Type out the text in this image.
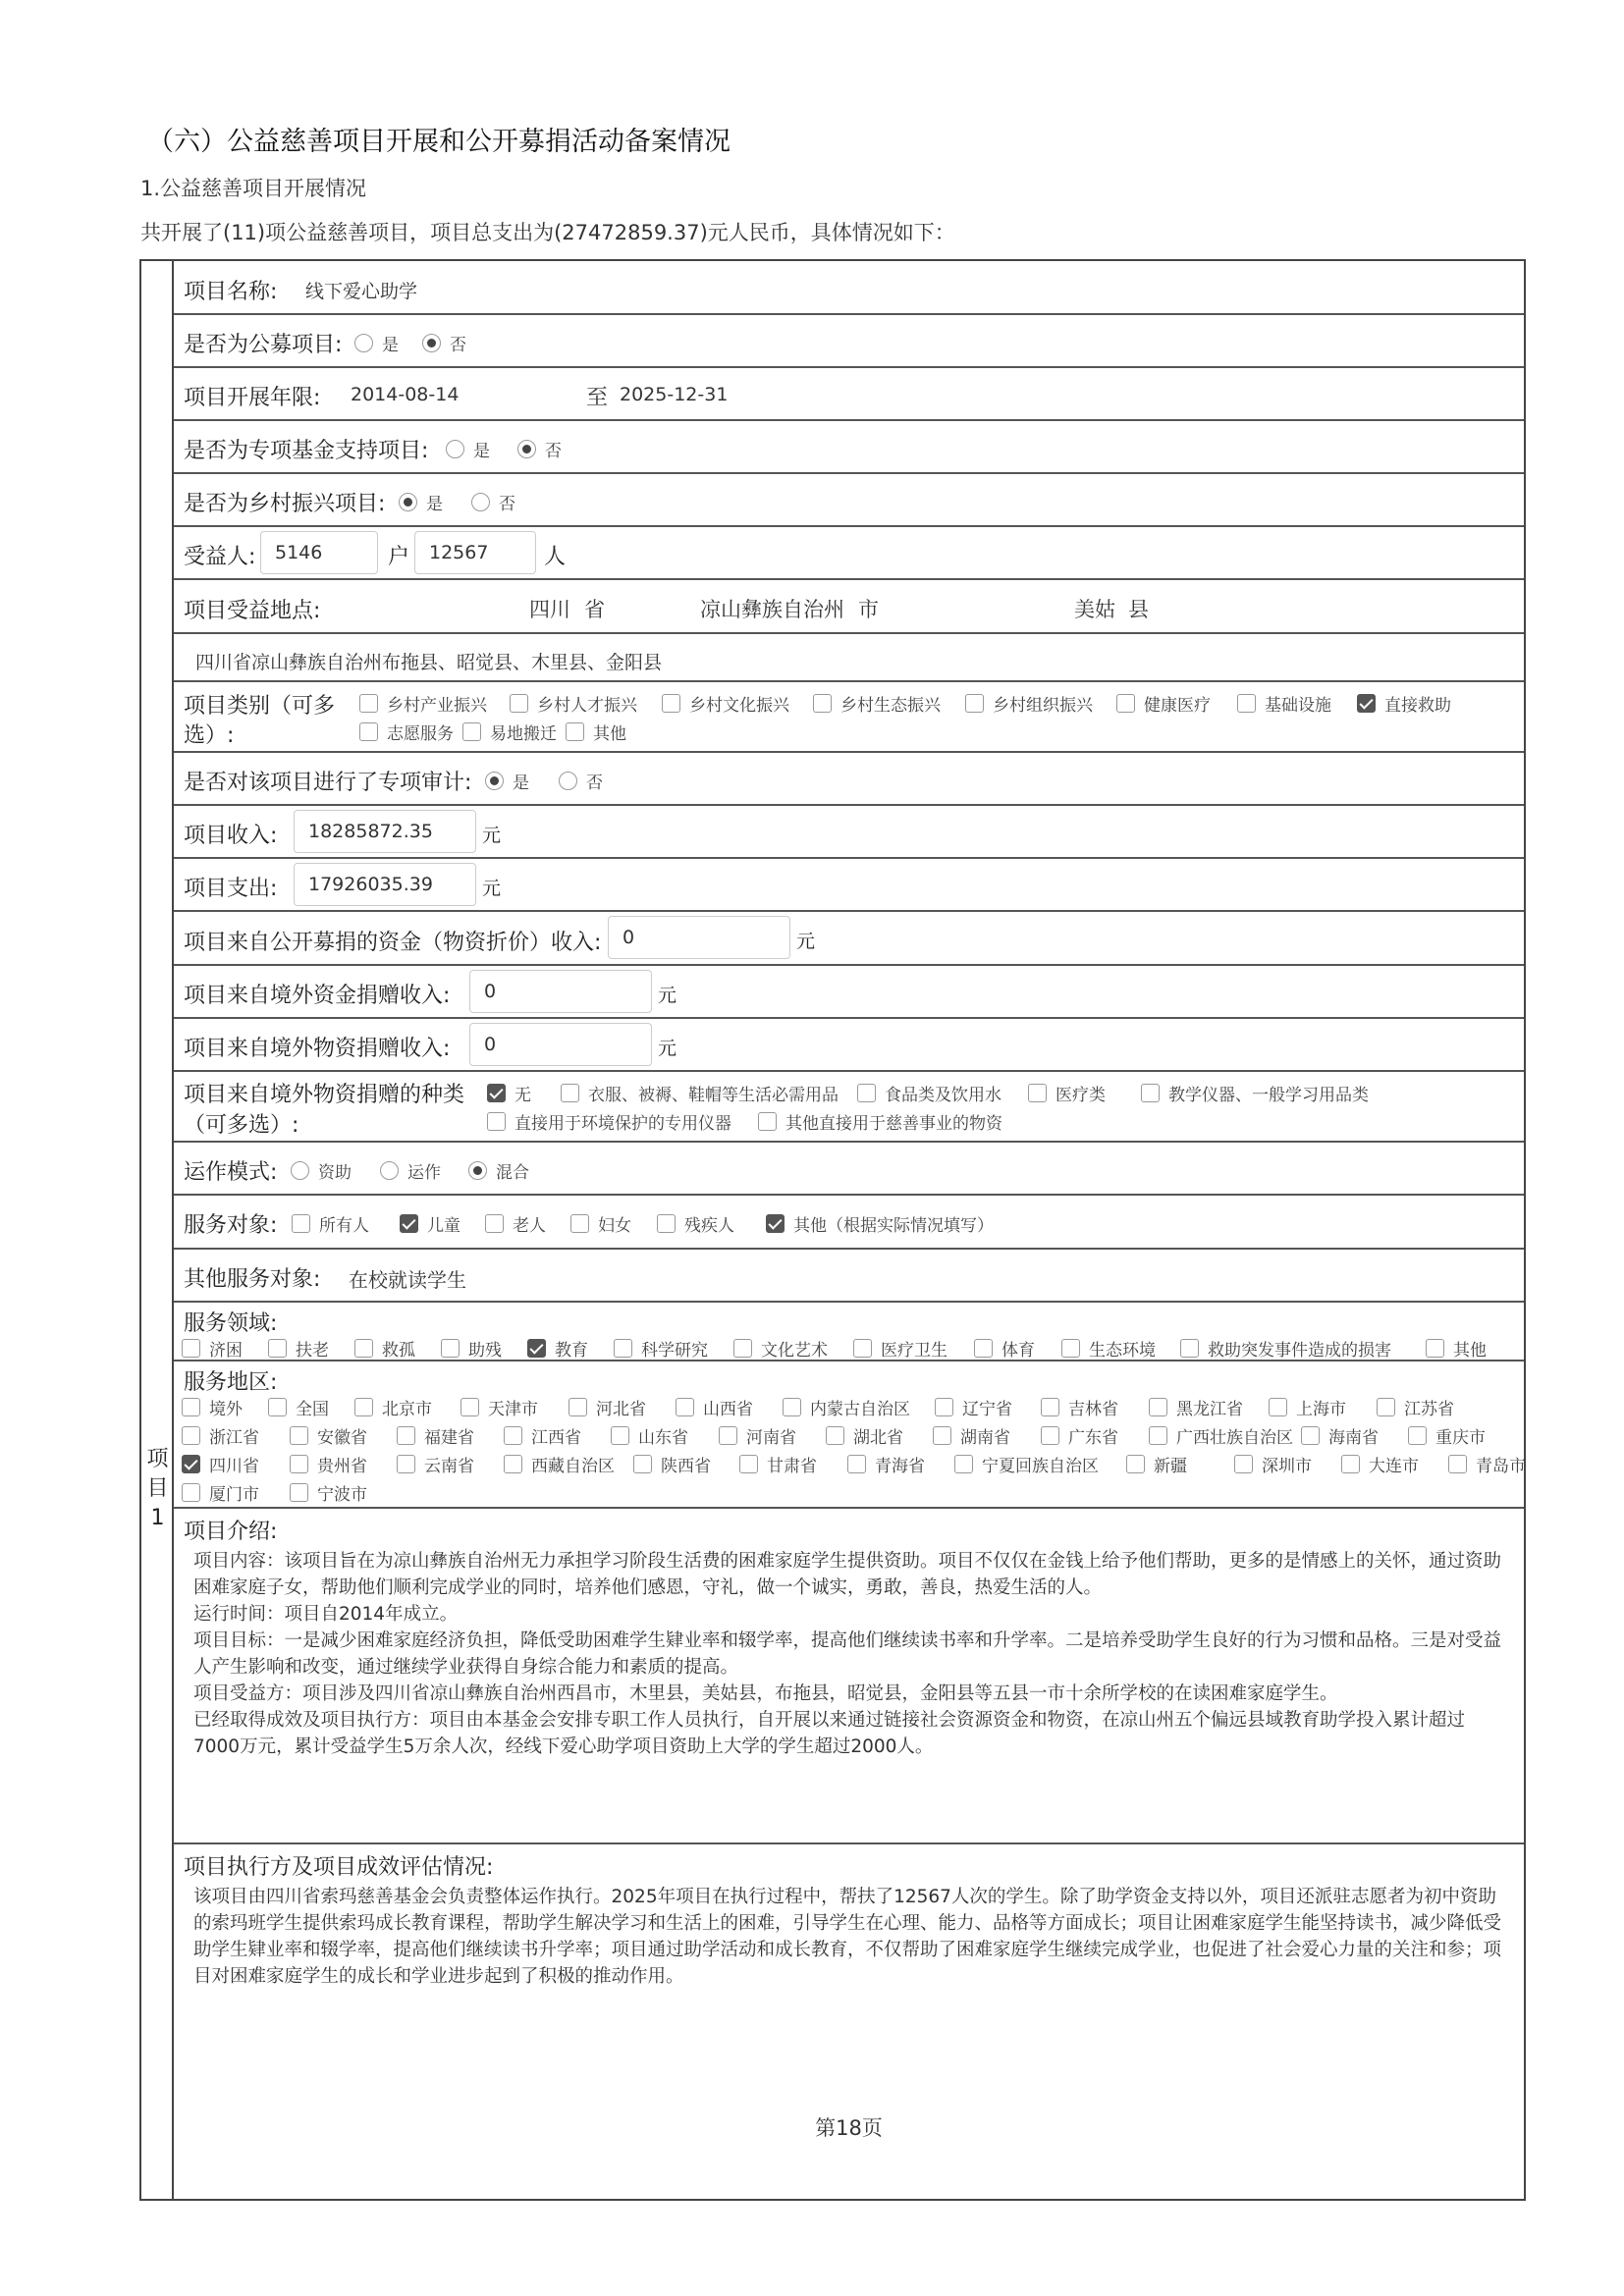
（六）公益慈善项目开展和公开募捐活动备案情况
1.公益慈善项目开展情况
共开展了(11)项公益慈善项目，项目总支出为(27472859.37)元人民币，具体情况如下：
项
目
1
项目名称: 线下爱心助学
是否为公募项目: 是	否
项目开展年限: 2014-08-14	至 2025-12-31
是否为专项基金支持项目:	是	否
是否为乡村振兴项目: 是	否
受益人:	5146	户	12567	人
项目受益地点:	四川 省	凉山彝族自治州 市	美姑 县
四川省凉山彝族自治州布拖县、昭觉县、木里县、金阳县
项目类别（可多
选）:
乡村产业振兴	乡村人才振兴	乡村文化振兴	乡村生态振兴	乡村组织振兴	健康医疗	基础设施	直接救助
志愿服务 易地搬迁 其他
是否对该项目进行了专项审计: 是	否
项目收入:	18285872.35	元
项目支出:	17926035.39	元
项目来自公开募捐的资金（物资折价）收入:	0	元
项目来自境外资金捐赠收入:	0	元
项目来自境外物资捐赠收入:	0	元
项目来自境外物资捐赠的种类
（可多选）:
无	衣服、被褥、鞋帽等生活必需用品	食品类及饮用水	医疗类	教学仪器、一般学习用品类
直接用于环境保护的专用仪器	其他直接用于慈善事业的物资
运作模式: 资助	运作	混合
服务对象:	所有人	儿童	老人	妇女	残疾人	其他（根据实际情况填写）
其他服务对象: 在校就读学生
服务领域:
济困	扶老	救孤	助残	教育	科学研究	文化艺术	医疗卫生	体育	生态环境	救助突发事件造成的损害	其他
服务地区:
境外	全国	北京市	天津市	河北省	山西省	内蒙古自治区	辽宁省	吉林省	黑龙江省	上海市	江苏省
浙江省	安徽省	福建省	江西省	山东省	河南省	湖北省	湖南省	广东省	广西壮族自治区 海南省	重庆市
四川省	贵州省	云南省	西藏自治区	陕西省	甘肃省	青海省	宁夏回族自治区	新疆	深圳市	大连市	青岛市
厦门市	宁波市
项目介绍:

项目内容：该项目旨在为凉山彝族自治州无力承担学习阶段生活费的困难家庭学生提供资助。项目不仅仅在金钱上给予他们帮助，更多的是情感上的关怀，通过资助困难家庭子女，帮助他们顺利完成学业的同时，培养他们感恩，守礼，做一个诚实，勇敢，善良，热爱生活的人。

运行时间：项目自2014年成立。

项目目标：一是减少困难家庭经济负担，降低受助困难学生肄业率和辍学率，提高他们继续读书率和升学率。二是培养受助学生良好的行为习惯和品格。三是对受益人产生影响和改变，通过继续学业获得自身综合能力和素质的提高。

项目受益方：项目涉及四川省凉山彝族自治州西昌市，木里县，美姑县，布拖县，昭觉县，金阳县等五县一市十余所学校的在读困难家庭学生。

已经取得成效及项目执行方：项目由本基金会安排专职工作人员执行，自开展以来通过链接社会资源资金和物资，在凉山州五个偏远县域教育助学投入累计超过7000万元，累计受益学生5万余人次，经线下爱心助学项目资助上大学的学生超过2000人。

项目执行方及项目成效评估情况:
该项目由四川省索玛慈善基金会负责整体运作执行。2025年项目在执行过程中，帮扶了12567人次的学生。除了助学资金支持以外，项目还派驻志愿者为初中资助的索玛班学生提供索玛成长教育课程，帮助学生解决学习和生活上的困难，引导学生在心理、能力、品格等方面成长；项目让困难家庭学生能坚持读书，减少降低受助学生肄业率和辍学率，提高他们继续读书升学率；项目通过助学活动和成长教育，不仅帮助了困难家庭学生继续完成学业，也促进了社会爱心力量的关注和参；项目对困难家庭学生的成长和学业进步起到了积极的推动作用。
第18页
